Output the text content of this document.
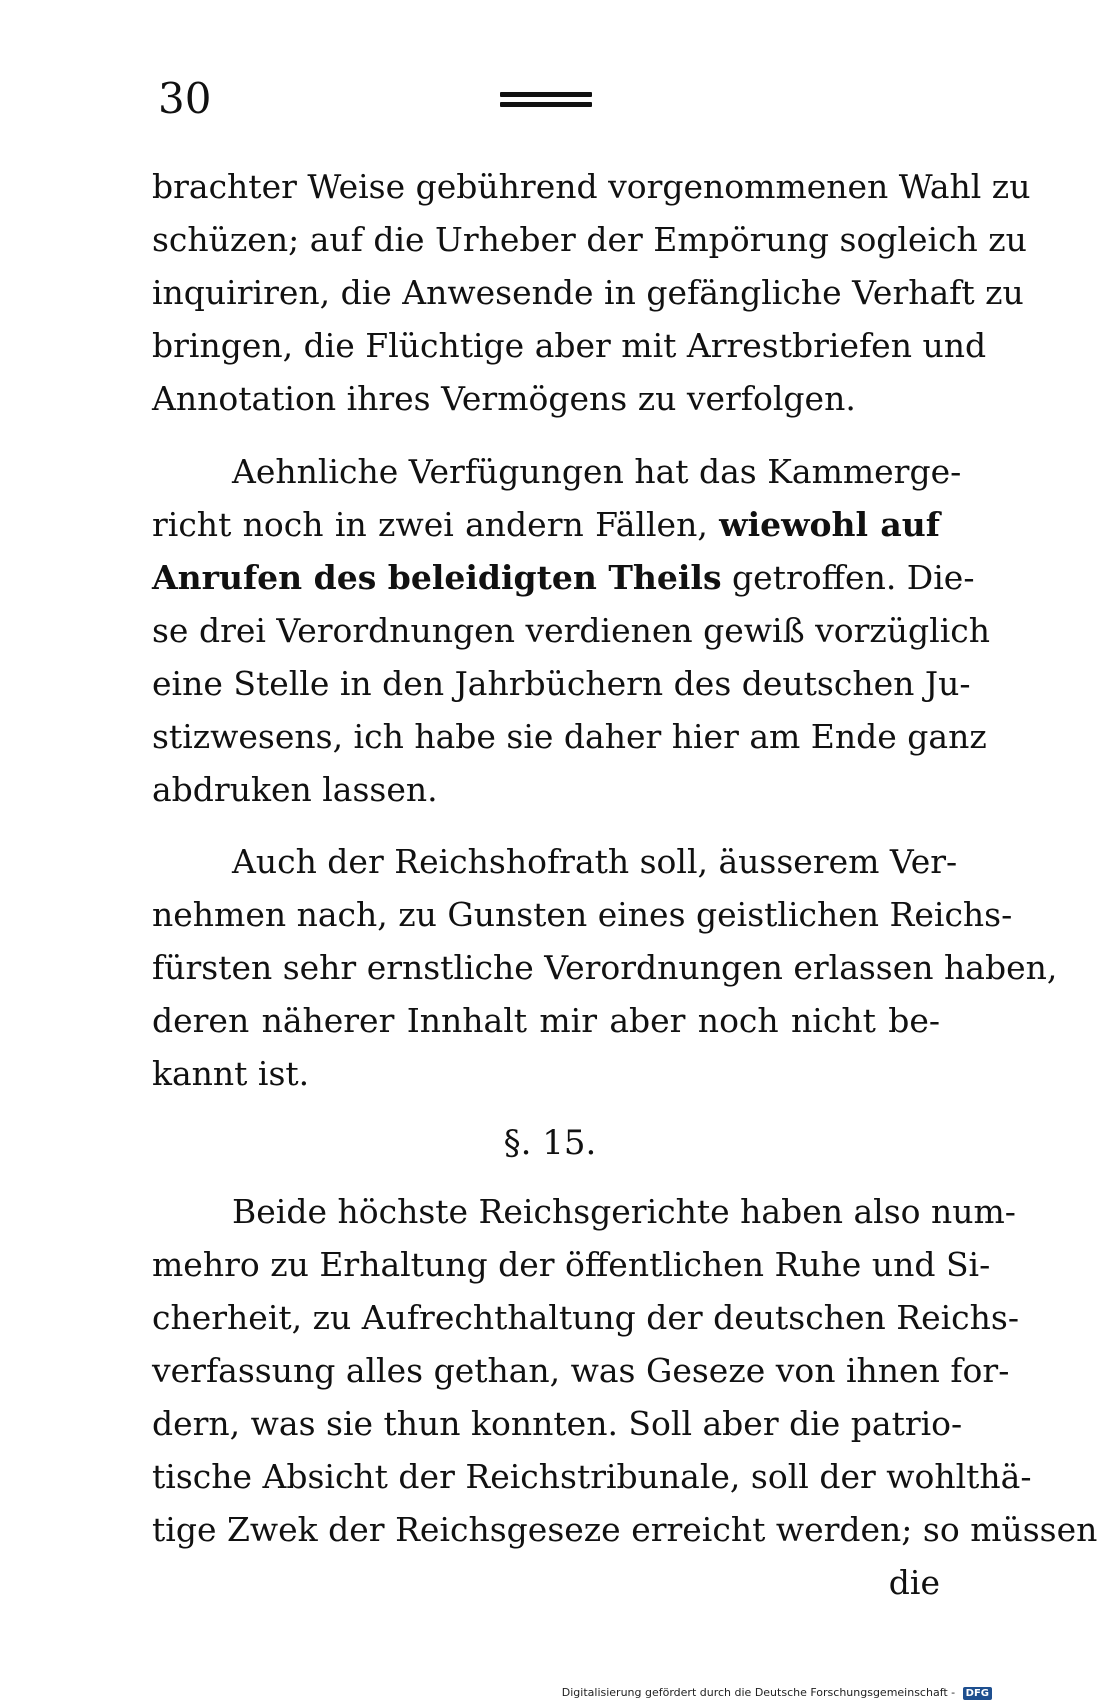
30
brachter Weise gebührend vorgenommenen Wahl zu
schüzen; auf die Urheber der Empörung sogleich zu
inquiriren, die Anwesende in gefängliche Verhaft zu
bringen, die Flüchtige aber mit Arrestbriefen und
Annotation ihres Vermögens zu verfolgen.
Aehnliche Verfügungen hat das Kammerge-
richt noch in zwei andern Fällen, wiewohl auf
Anrufen des beleidigten Theils getroffen. Die-
se drei Verordnungen verdienen gewiß vorzüglich
eine Stelle in den Jahrbüchern des deutschen Ju-
stizwesens, ich habe sie daher hier am Ende ganz
abdruken lassen.
Auch der Reichshofrath soll, äusserem Ver-
nehmen nach, zu Gunsten eines geistlichen Reichs-
fürsten sehr ernstliche Verordnungen erlassen haben,
deren näherer Innhalt mir aber noch nicht be-
kannt ist.
§. 15.
Beide höchste Reichsgerichte haben also num-
mehro zu Erhaltung der öffentlichen Ruhe und Si-
cherheit, zu Aufrechthaltung der deutschen Reichs-
verfassung alles gethan, was Geseze von ihnen for-
dern, was sie thun konnten. Soll aber die patrio-
tische Absicht der Reichstribunale, soll der wohlthä-
tige Zwek der Reichsgeseze erreicht werden; so müssen
die
Digitalisierung gefördert durch die Deutsche Forschungsgemeinschaft - DFG
